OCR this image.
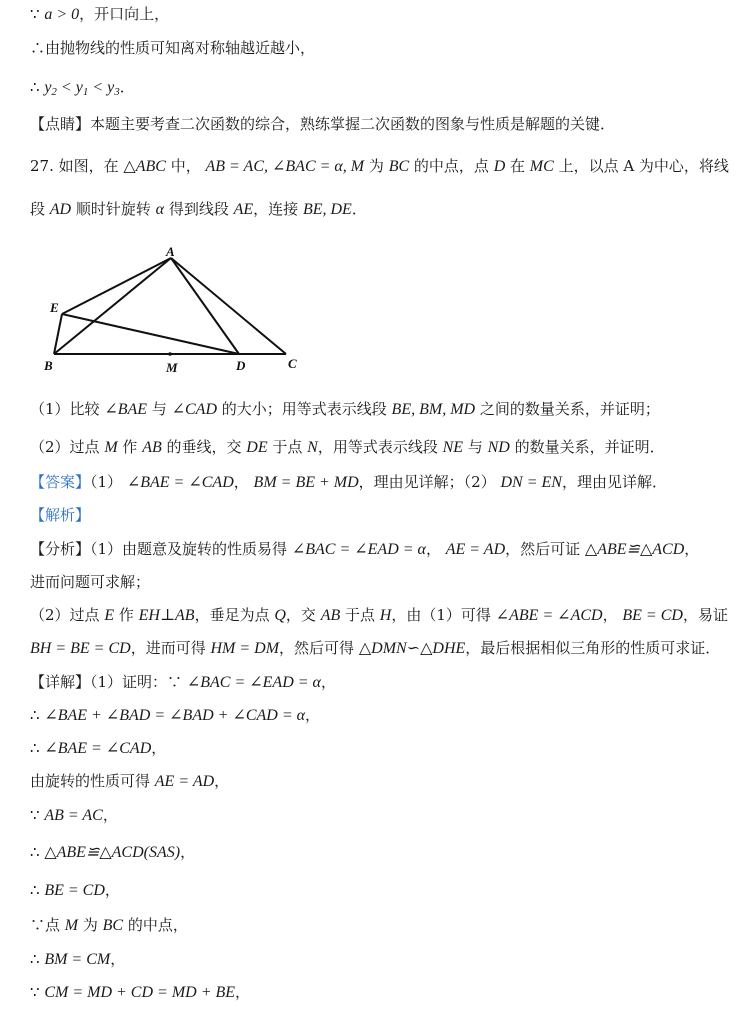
∵ a > 0，开口向上，
∴由抛物线的性质可知离对称轴越近越小，
∴ $y_2 < y_1 < y_3$．
【点睛】本题主要考查二次函数的综合，熟练掌握二次函数的图象与性质是解题的关键．
27. 如图，在 △ABC 中， AB = AC, ∠BAC = α, M 为 BC 的中点，点 D 在 MC 上，以点 A 为中心，将线
段 AD 顺时针旋转 α 得到线段 AE，连接 BE, DE．
A
E
B	M	D	C
（1）比较 ∠BAE 与 ∠CAD 的大小；用等式表示线段 BE, BM, MD 之间的数量关系，并证明；
（2）过点 M 作 AB 的垂线，交 DE 于点 N，用等式表示线段 NE 与 ND 的数量关系，并证明．
【答案】（1） ∠BAE = ∠CAD， BM = BE + MD，理由见详解；（2） DN = EN，理由见详解．
【解析】
【分析】（1）由题意及旋转的性质易得 ∠BAC = ∠EAD = α， AE = AD，然后可证 △ABE≌△ACD，
进而问题可求解；
（2）过点 E 作 EH⊥AB，垂足为点 Q，交 AB 于点 H，由（1）可得 ∠ABE = ∠ACD， BE = CD，易证
BH = BE = CD，进而可得 HM = DM，然后可得 △DMN∽△DHE，最后根据相似三角形的性质可求证．
【详解】（1）证明：∵ ∠BAC = ∠EAD = α，
∴ ∠BAE + ∠BAD = ∠BAD + ∠CAD = α，
∴ ∠BAE = ∠CAD，
由旋转的性质可得 AE = AD，
∵ AB = AC，
∴ △ABE≌△ACD(SAS)，
∴ BE = CD，
∵点 M 为 BC 的中点，
∴ BM = CM，
∵ CM = MD + CD = MD + BE，
